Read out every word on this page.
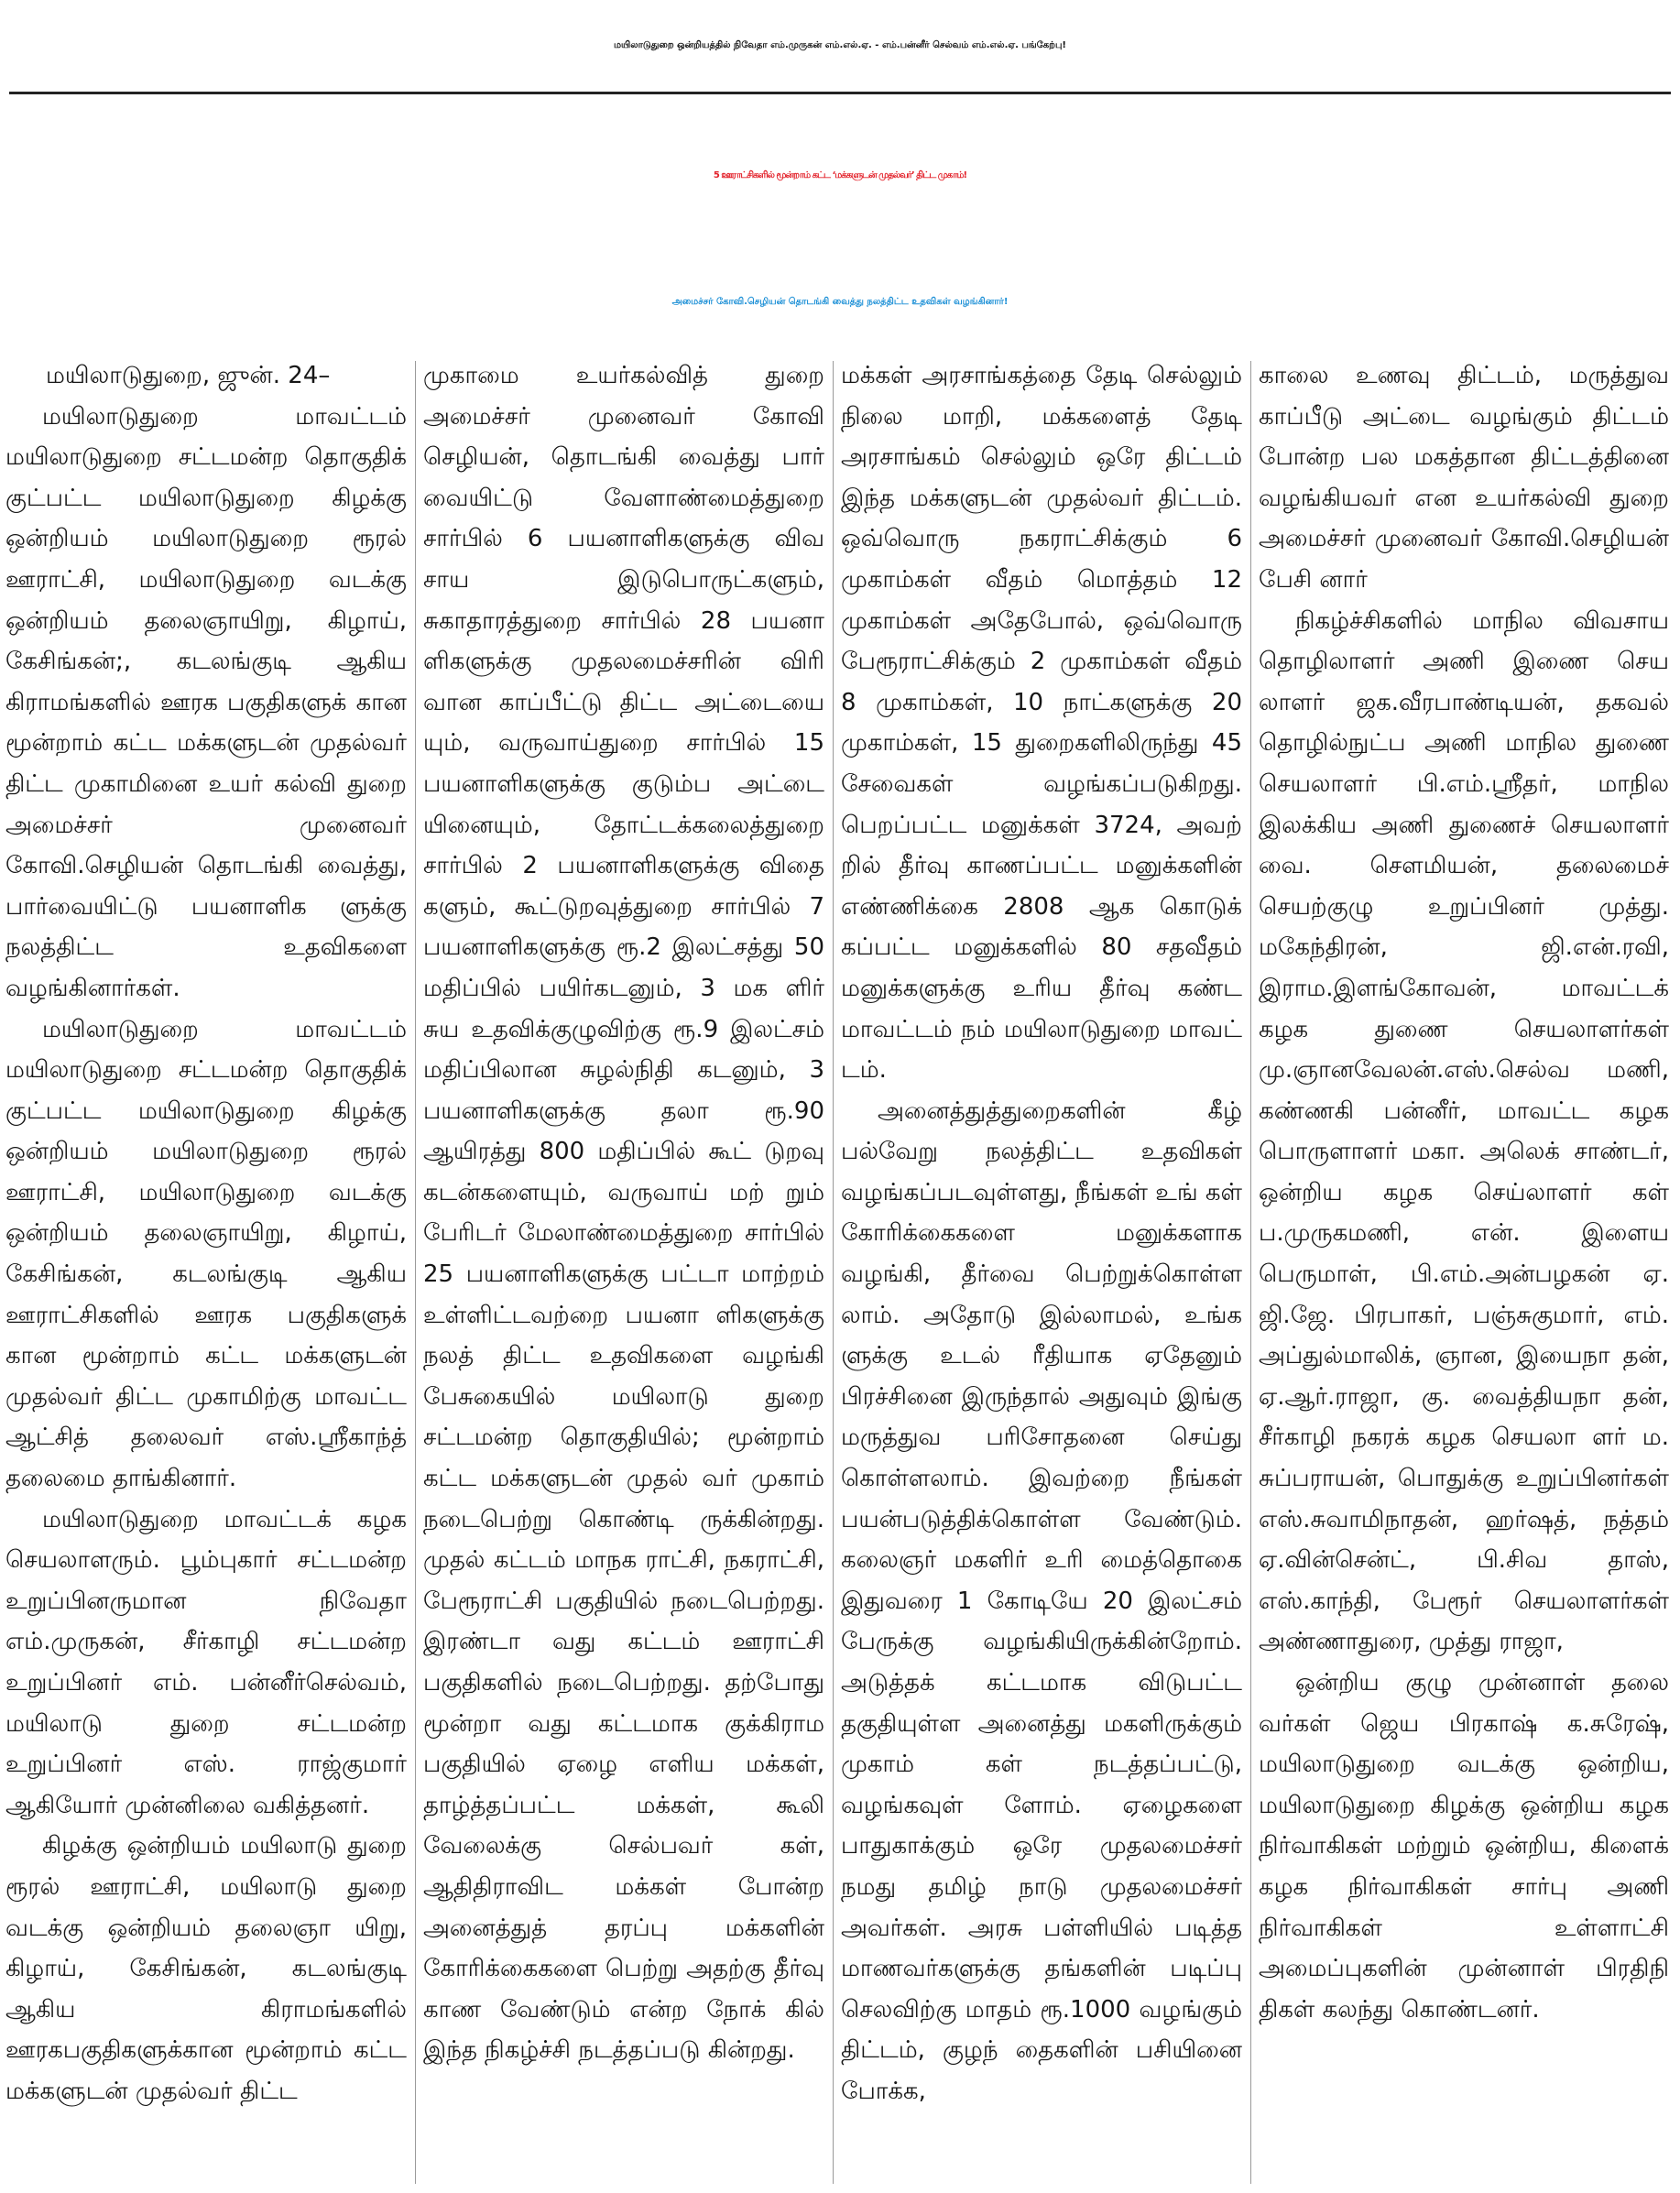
மயிலாடுதுறை ஒன்றியத்தில் நிவேதா எம்.முருகன் எம்.எல்.ஏ. - எம்.பன்னீர் செல்வம் எம்.எல்.ஏ. பங்கேற்பு!
5 ஊராட்சிகளில் மூன்றாம் கட்ட ‘மக்களுடன் முதல்வர்’ திட்ட முகாம்!
அமைச்சர் கோவி.செழியன் தொடங்கி வைத்து நலத்திட்ட உதவிகள் வழங்கினார்!

மயிலாடுதுறை, ஜுன். 24–

மயிலாடுதுறை மாவட்டம் மயிலாடுதுறை சட்டமன்ற தொகுதிக் குட்பட்ட மயிலாடுதுறை கிழக்கு ஒன்றியம் மயிலாடுதுறை ரூரல் ஊராட்சி, மயிலாடுதுறை வடக்கு ஒன்றியம் தலைஞாயிறு, கிழாய், கேசிங்கன்;, கடலங்குடி ஆகிய கிராமங்களில் ஊரக பகுதிகளுக் கான மூன்றாம் கட்ட மக்களுடன் முதல்வர் திட்ட முகாமினை உயர் கல்வி துறை அமைச்சர் முனைவர் கோவி.செழியன் தொடங்கி வைத்து, பார்வையிட்டு பயனாளிக ளுக்கு நலத்திட்ட உதவிகளை வழங்கினார்கள்.

மயிலாடுதுறை மாவட்டம் மயிலாடுதுறை சட்டமன்ற தொகுதிக் குட்பட்ட மயிலாடுதுறை கிழக்கு ஒன்றியம் மயிலாடுதுறை ரூரல் ஊராட்சி, மயிலாடுதுறை வடக்கு ஒன்றியம் தலைஞாயிறு, கிழாய், கேசிங்கன், கடலங்குடி ஆகிய ஊராட்சிகளில் ஊரக பகுதிகளுக் கான மூன்றாம் கட்ட மக்களுடன் முதல்வர் திட்ட முகாமிற்கு மாவட்ட ஆட்சித் தலைவர் எஸ்.ஸ்ரீகாந்த் தலைமை தாங்கினார்.

மயிலாடுதுறை மாவட்டக் கழக செயலாளரும். பூம்புகார் சட்டமன்ற உறுப்பினருமான நிவேதா எம்.முருகன், சீர்காழி சட்டமன்ற உறுப்பினர் எம். பன்னீர்செல்வம், மயிலாடு துறை சட்டமன்ற உறுப்பினர் எஸ். ராஜ்குமார் ஆகியோர் முன்னிலை வகித்தனர்.

கிழக்கு ஒன்றியம் மயிலாடு துறை ரூரல் ஊராட்சி, மயிலாடு துறை வடக்கு ஒன்றியம் தலைஞா யிறு, கிழாய், கேசிங்கன், கடலங்குடி ஆகிய கிராமங்களில் ஊரகபகுதிகளுக்கான மூன்றாம் கட்ட மக்களுடன் முதல்வர் திட்ட

முகாமை உயர்கல்வித் துறை அமைச்சர் முனைவர் கோவி செழியன், தொடங்கி வைத்து பார் வையிட்டு வேளாண்மைத்துறை சார்பில் 6 பயனாளிகளுக்கு விவ சாய இடுபொருட்களும், சுகாதாரத்துறை சார்பில் 28 பயனா ளிகளுக்கு முதலமைச்சரின் விரி வான காப்பீட்டு திட்ட அட்டையை யும், வருவாய்துறை சார்பில் 15 பயனாளிகளுக்கு குடும்ப அட்டை யினையும், தோட்டக்கலைத்துறை சார்பில் 2 பயனாளிகளுக்கு விதை களும், கூட்டுறவுத்துறை சார்பில் 7 பயனாளிகளுக்கு ரூ.2 இலட்சத்து 50 மதிப்பில் பயிர்கடனும், 3 மக ளிர் சுய உதவிக்குழுவிற்கு ரூ.9 இலட்சம் மதிப்பிலான சுழல்நிதி கடனும், 3 பயனாளிகளுக்கு தலா ரூ.90 ஆயிரத்து 800 மதிப்பில் கூட் டுறவு கடன்களையும், வருவாய் மற் றும் பேரிடர் மேலாண்மைத்துறை சார்பில் 25 பயனாளிகளுக்கு பட்டா மாற்றம் உள்ளிட்டவற்றை பயனா ளிகளுக்கு நலத் திட்ட உதவிகளை வழங்கி பேசுகையில் மயிலாடு துறை சட்டமன்ற தொகுதியில்; மூன்றாம் கட்ட மக்களுடன் முதல் வர் முகாம் நடைபெற்று கொண்டி ருக்கின்றது. முதல் கட்டம் மாநக ராட்சி, நகராட்சி, பேரூராட்சி பகுதியில் நடைபெற்றது. இரண்டா வது கட்டம் ஊராட்சி பகுதிகளில் நடைபெற்றது. தற்போது மூன்றா வது கட்டமாக குக்கிராம பகுதியில் ஏழை எளிய மக்கள், தாழ்த்தப்பட்ட மக்கள், கூலி வேலைக்கு செல்பவர் கள், ஆதிதிராவிட மக்கள் போன்ற அனைத்துத் தரப்பு மக்களின் கோரிக்கைகளை பெற்று அதற்கு தீர்வு காண வேண்டும் என்ற நோக் கில் இந்த நிகழ்ச்சி நடத்தப்படு கின்றது.

மக்கள் அரசாங்கத்தை தேடி செல்லும் நிலை மாறி, மக்களைத் தேடி அரசாங்கம் செல்லும் ஒரே திட்டம் இந்த மக்களுடன் முதல்வர் திட்டம். ஒவ்வொரு நகராட்சிக்கும் 6 முகாம்கள் வீதம் மொத்தம் 12 முகாம்கள் அதேபோல், ஒவ்வொரு பேரூராட்சிக்கும் 2 முகாம்கள் வீதம் 8 முகாம்கள், 10 நாட்களுக்கு 20 முகாம்கள், 15 துறைகளிலிருந்து 45 சேவைகள் வழங்கப்படுகிறது. பெறப்பட்ட மனுக்கள் 3724, அவற் றில் தீர்வு காணப்பட்ட மனுக்களின் எண்ணிக்கை 2808 ஆக கொடுக் கப்பட்ட மனுக்களில் 80 சதவீதம் மனுக்களுக்கு உரிய தீர்வு கண்ட மாவட்டம் நம் மயிலாடுதுறை மாவட் டம்.

அனைத்துத்துறைகளின் கீழ் பல்வேறு நலத்திட்ட உதவிகள் வழங்கப்படவுள்ளது, நீங்கள் உங் கள் கோரிக்கைகளை மனுக்களாக வழங்கி, தீர்வை பெற்றுக்கொள்ள லாம். அதோடு இல்லாமல், உங்க ளுக்கு உடல் ரீதியாக ஏதேனும் பிரச்சினை இருந்தால் அதுவும் இங்கு மருத்துவ பரிசோதனை செய்து கொள்ளலாம். இவற்றை நீங்கள் பயன்படுத்திக்கொள்ள வேண்டும். கலைஞர் மகளிர் உரி மைத்தொகை இதுவரை 1 கோடியே 20 இலட்சம் பேருக்கு வழங்கியிருக்கின்றோம். அடுத்தக் கட்டமாக விடுபட்ட தகுதியுள்ள அனைத்து மகளிருக்கும் முகாம் கள் நடத்தப்பட்டு, வழங்கவுள் ளோம். ஏழைகளை பாதுகாக்கும் ஒரே முதலமைச்சர் நமது தமிழ் நாடு முதலமைச்சர் அவர்கள். அரசு பள்ளியில் படித்த மாணவர்களுக்கு தங்களின் படிப்பு செலவிற்கு மாதம் ரூ.1000 வழங்கும் திட்டம், குழந் தைகளின் பசியினை போக்க,

காலை உணவு திட்டம், மருத்துவ காப்பீடு அட்டை வழங்கும் திட்டம் போன்ற பல மகத்தான திட்டத்தினை வழங்கியவர் என உயர்கல்வி துறை அமைச்சர் முனைவர் கோவி.செழியன் பேசி னார்

நிகழ்ச்சிகளில் மாநில விவசாய தொழிலாளர் அணி இணை செய லாளர் ஜக.வீரபாண்டியன், தகவல் தொழில்நுட்ப அணி மாநில துணை செயலாளர் பி.எம்.ஸ்ரீதர், மாநில இலக்கிய அணி துணைச் செயலாளர் வை. சௌமியன், தலைமைச் செயற்குழு உறுப்பினர் முத்து. மகேந்திரன், ஜி.என்.ரவி, இராம.இளங்கோவன், மாவட்டக் கழக துணை செயலாளர்கள் மு.ஞானவேலன்.எஸ்.செல்வ மணி, கண்ணகி பன்னீர், மாவட்ட கழக பொருளாளர் மகா. அலெக் சாண்டர், ஒன்றிய கழக செய்லாளர் கள் ப.முருகமணி, என். இளைய பெருமாள், பி.எம்.அன்பழகன் ஏ. ஜி.ஜே. பிரபாகர், பஞ்சுகுமார், எம். அப்துல்மாலிக், ஞான, இயைநா தன், ஏ.ஆர்.ராஜா, கு. வைத்தியநா தன், சீர்காழி நகரக் கழக செயலா ளர் ம. சுப்பராயன், பொதுக்கு உறுப்பினர்கள் எஸ்.சுவாமிநாதன், ஹர்ஷத், நத்தம் ஏ.வின்சென்ட், பி.சிவ தாஸ், எஸ்.காந்தி, பேரூர் செயலாளர்கள் அண்ணாதுரை, முத்து ராஜா,

ஒன்றிய குழு முன்னாள் தலை வர்கள் ஜெய பிரகாஷ் க.சுரேஷ், மயிலாடுதுறை வடக்கு ஒன்றிய, மயிலாடுதுறை கிழக்கு ஒன்றிய கழக நிர்வாகிகள் மற்றும் ஒன்றிய, கிளைக் கழக நிர்வாகிகள் சார்பு அணி நிர்வாகிகள் உள்ளாட்சி அமைப்புகளின் முன்னாள் பிரதிநி திகள் கலந்து கொண்டனர்.
